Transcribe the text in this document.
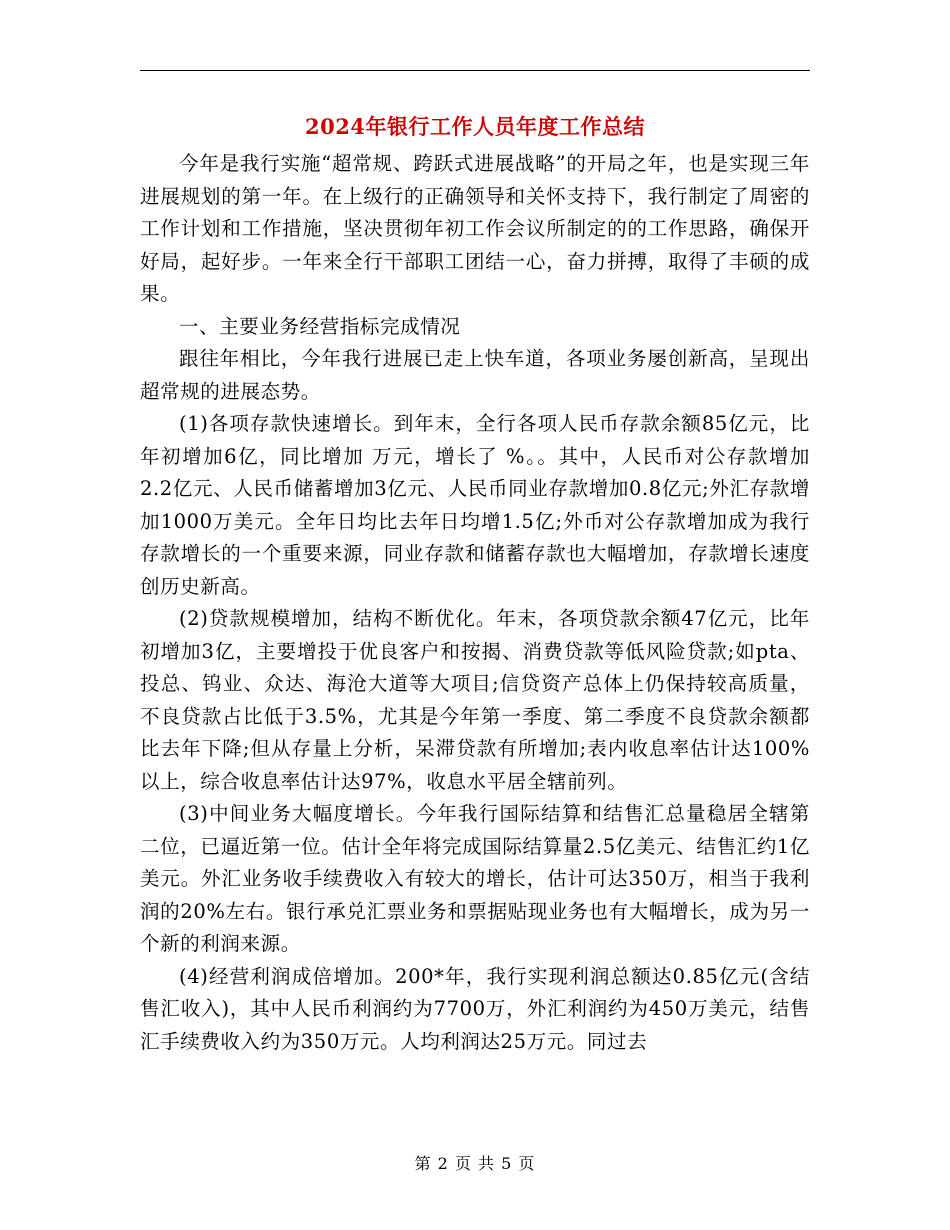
2024年银行工作人员年度工作总结

今年是我行实施“超常规、跨跃式进展战略”的开局之年，也是实现三年进展规划的第一年。在上级行的正确领导和关怀支持下，我行制定了周密的工作计划和工作措施，坚决贯彻年初工作会议所制定的的工作思路，确保开好局，起好步。一年来全行干部职工团结一心，奋力拼搏，取得了丰硕的成果。

一、主要业务经营指标完成情况

跟往年相比，今年我行进展已走上快车道，各项业务屡创新高，呈现出超常规的进展态势。

(1)各项存款快速增长。到年末，全行各项人民币存款余额85亿元，比年初增加6亿，同比增加 万元，增长了 %。。其中，人民币对公存款增加2.2亿元、人民币储蓄增加3亿元、人民币同业存款增加0.8亿元;外汇存款增加1000万美元。全年日均比去年日均增1.5亿;外币对公存款增加成为我行存款增长的一个重要来源，同业存款和储蓄存款也大幅增加，存款增长速度创历史新高。

(2)贷款规模增加，结构不断优化。年末，各项贷款余额47亿元，比年初增加3亿，主要增投于优良客户和按揭、消费贷款等低风险贷款;如pta、投总、钨业、众达、海沧大道等大项目;信贷资产总体上仍保持较高质量，不良贷款占比低于3.5%，尤其是今年第一季度、第二季度不良贷款余额都比去年下降;但从存量上分析，呆滞贷款有所增加;表内收息率估计达100%以上，综合收息率估计达97%，收息水平居全辖前列。

(3)中间业务大幅度增长。今年我行国际结算和结售汇总量稳居全辖第二位，已逼近第一位。估计全年将完成国际结算量2.5亿美元、结售汇约1亿美元。外汇业务收手续费收入有较大的增长，估计可达350万，相当于我利润的20%左右。银行承兑汇票业务和票据贴现业务也有大幅增长，成为另一个新的利润来源。

(4)经营利润成倍增加。200*年，我行实现利润总额达0.85亿元(含结售汇收入)，其中人民币利润约为7700万，外汇利润约为450万美元，结售汇手续费收入约为350万元。人均利润达25万元。同过去

第 2 页 共 5 页
